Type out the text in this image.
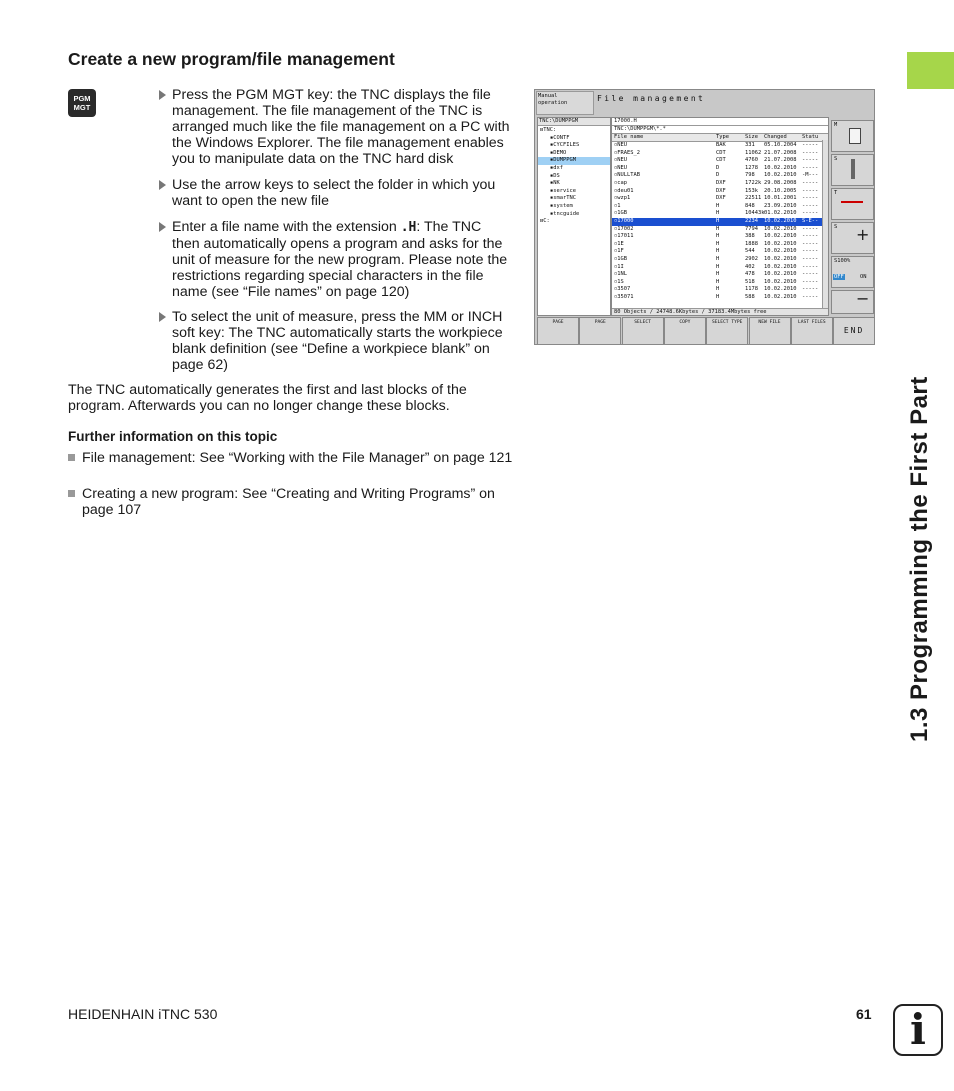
Create a new program/file management
PGM
MGT
Press the PGM MGT key: the TNC displays the file management. The file management of the TNC is arranged much like the file management on a PC with the Windows Explorer. The file management enables you to manipulate data on the TNC hard disk
Use the arrow keys to select the folder in which you want to open the new file
Enter a file name with the extension .H: The TNC then automatically opens a program and asks for the unit of measure for the new program. Please note the restrictions regarding special characters in the file name (see “File names” on page 120)
To select the unit of measure, press the MM or INCH soft key: The TNC automatically starts the workpiece blank definition (see “Define a workpiece blank” on page 62)
The TNC automatically generates the first and last blocks of the program. Afterwards you can no longer change these blocks.
Further information on this topic
File management: See “Working with the File Manager” on page 121
Creating a new program: See “Creating and Writing Programs” on page 107	1.3 Programming the First Part
HEIDENHAIN iTNC 530	61 i
Manual
operation	File management
TNC:\DUMPPGM
⊟TNC:
▪CONTF
▪CYCFILES
▪DEMO
▪DUMPPGM
▪dxf
▪DS
▪NK
▪service
▪smarTNC
▪system
▪tncguide
⊟C:
17000.H
TNC:\DUMPPGM\*.*
File name	Type	Size Changed	Statu
▫NEU	BAK	331 05.10.2004 -----
▫FRAES_2	CDT	11062 21.07.2008 -----
▫NEU	CDT	4760 21.07.2008 -----
▫NEU	D	1278 10.02.2010 -----
▫NULLTAB	D	798 10.02.2010 -M---
▫cap	DXF	1722k 29.08.2008 -----
▫deu01	DXF	153k 20.10.2005 -----
▫wzp1	DXF	22511 10.01.2001 -----
▫1	H	848 23.09.2010 -----
▫1GB	H	10443k 01.02.2010 -----
▫17000	H	2234 10.02.2010 S-E--
▫17002	H	7794 10.02.2010 -----
▫17011	H	388 10.02.2010 -----
▫1E	H	1888 10.02.2010 -----
▫1F	H	544 10.02.2010 -----
▫1GB	H	2902 10.02.2010 -----
▫1I	H	402 10.02.2010 -----
▫1NL	H	478 10.02.2010 -----
▫1S	H	518 10.02.2010 -----
▫3507	H	1178 10.02.2010 -----
▫35071	H	588 10.02.2010 -----
80 Objects / 24748.6Kbytes / 37183.4Mbytes free
M
S
T
S +
S100%
OFF	ON
−
PAGE	PAGE	SELECT	COPY	SELECT TYPE	NEW FILE	LAST FILES
END
